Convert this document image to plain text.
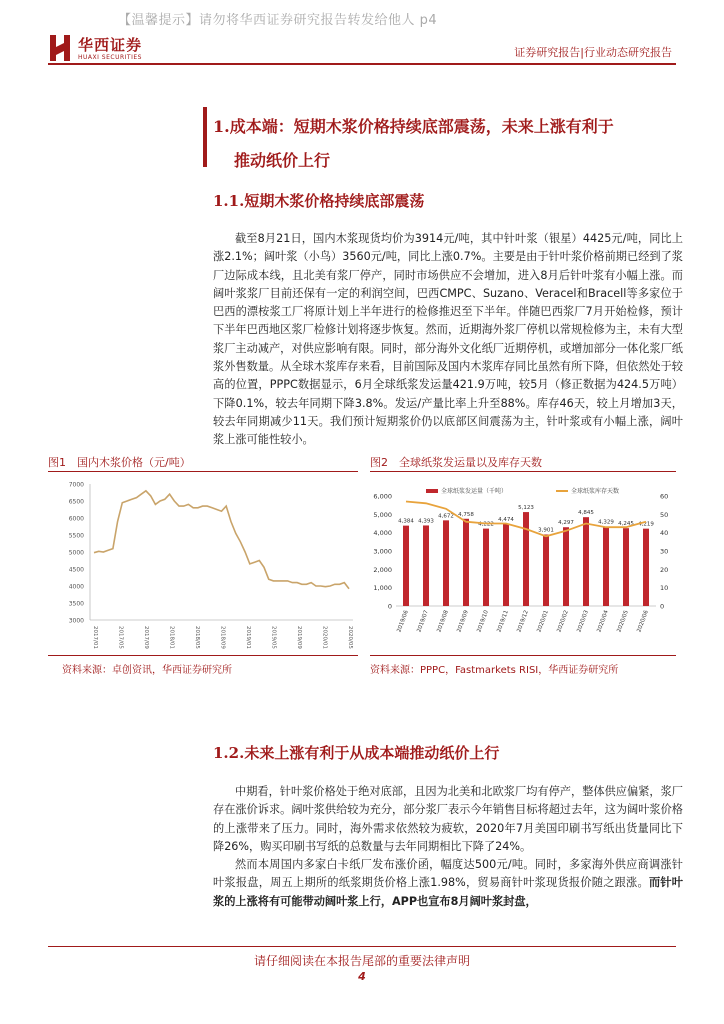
【温馨提示】请勿将华西证券研究报告转发给他人 p4
华西证券
HUAXI SECURITIES	证券研究报告|行业动态研究报告
1.成本端：短期木浆价格持续底部震荡，未来上涨有利于
推动纸价上行
1.1.短期木浆价格持续底部震荡
截至8月21日，国内木浆现货均价为3914元/吨，其中针叶浆（银星）4425元/吨，同比上涨2.1%；阔叶浆（小鸟）3560元/吨，同比上涨0.7%。主要是由于针叶浆价格前期已经到了浆厂边际成本线，且北美有浆厂停产，同时市场供应不会增加，进入8月后针叶浆有小幅上涨。而阔叶浆浆厂目前还保有一定的利润空间，巴西CMPC、Suzano、Veracel和Bracell等多家位于巴西的漂桉浆工厂将原计划上半年进行的检修推迟至下半年。伴随巴西浆厂7月开始检修，预计下半年巴西地区浆厂检修计划将逐步恢复。然而，近期海外浆厂停机以常规检修为主，未有大型浆厂主动减产，对供应影响有限。同时，部分海外文化纸厂近期停机，或增加部分一体化浆厂纸浆外售数量。从全球木浆库存来看，目前国际及国内木浆库存同比虽然有所下降，但依然处于较高的位置，PPPC数据显示，6月全球纸浆发运量421.9万吨，较5月（修正数据为424.5万吨）下降0.1%，较去年同期下降3.8%。发运/产量比率上升至88%。库存46天，较上月增加3天，较去年同期减少11天。我们预计短期浆价仍以底部区间震荡为主，针叶浆或有小幅上涨，阔叶浆上涨可能性较小。
图1　国内木浆价格（元/吨）	图2　全球纸浆发运量以及库存天数
3000
3500
4000
4500
5000
5500
6000
6500
7000
2017/01	2017/05	2017/09	2018/01	2018/05	2018/09	2019/01	2019/05	2019/09	2020/01	2020/05
0
1,000
2,000
3,000
4,000
5,000
6,000
0
10
20
30
40
50
60
全球纸浆发运量（千吨）	全球纸浆库存天数
4,384 4,393
4,672 4,758
4,222
4,474
5,123
3,901
4,297
4,845
4,329 4,245 4,219
2019/06 2019/07 2019/08 2019/09 2019/10 2019/11 2019/12 2020/01 2020/02 2020/03 2020/04 2020/05 2020/06
资料来源：卓创资讯，华西证券研究所	资料来源：PPPC，Fastmarkets RISI，华西证券研究所
1.2.未来上涨有利于从成本端推动纸价上行
中期看，针叶浆价格处于绝对底部，且因为北美和北欧浆厂均有停产，整体供应偏紧，浆厂存在涨价诉求。阔叶浆供给较为充分，部分浆厂表示今年销售目标将超过去年，这为阔叶浆价格的上涨带来了压力。同时，海外需求依然较为疲软，2020年7月美国印刷书写纸出货量同比下降26%，购买印刷书写纸的总数量与去年同期相比下降了24%。
然而本周国内多家白卡纸厂发布涨价函，幅度达500元/吨。同时，多家海外供应商调涨针叶浆报盘，周五上期所的纸浆期货价格上涨1.98%，贸易商针叶浆现货报价随之跟涨。而针叶浆的上涨将有可能带动阔叶浆上行，APP也宣布8月阔叶浆封盘，
请仔细阅读在本报告尾部的重要法律声明
4
